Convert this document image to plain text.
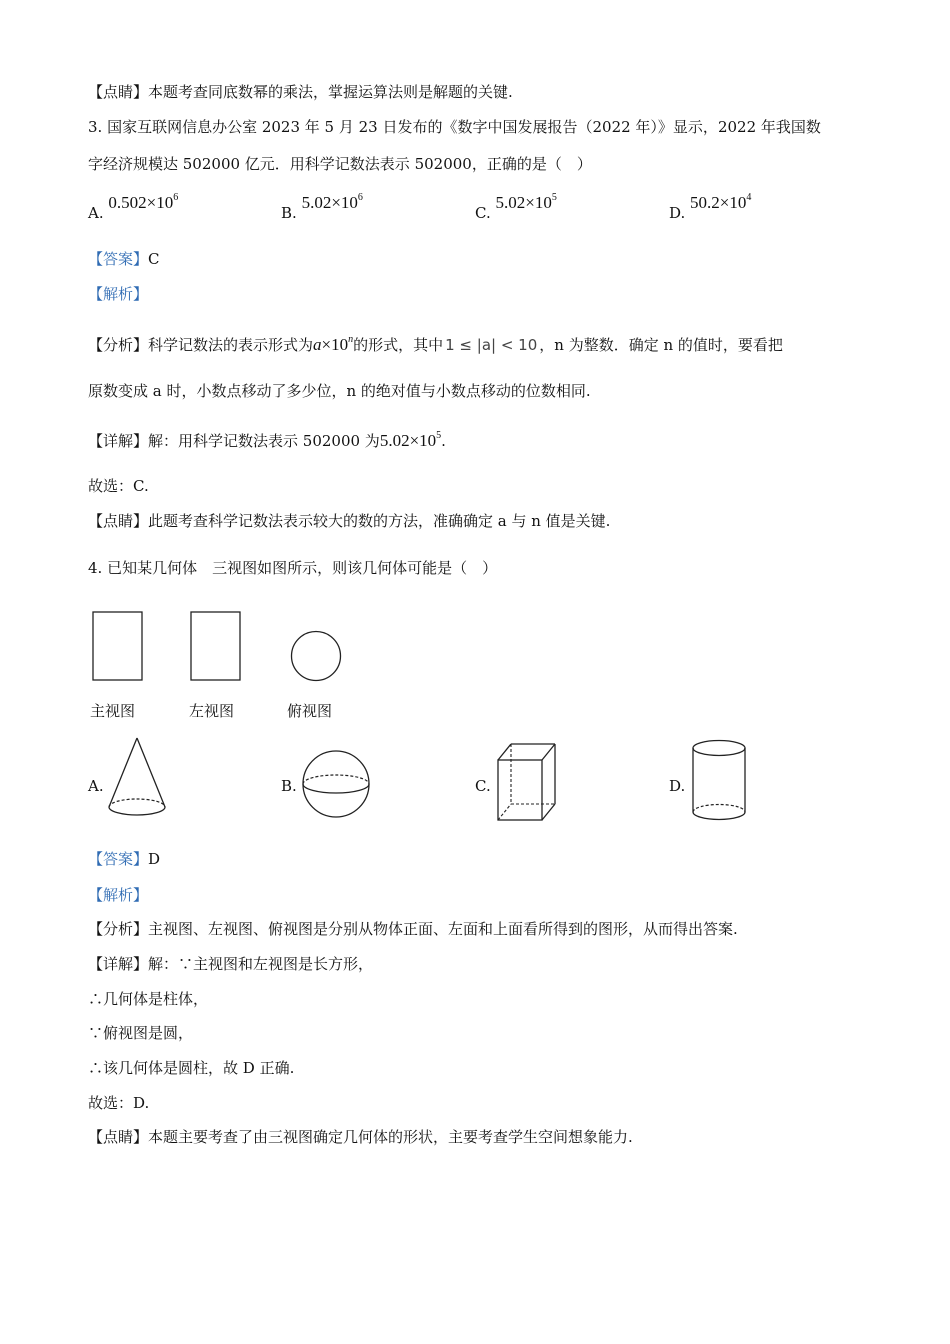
【点睛】本题考查同底数幂的乘法，掌握运算法则是解题的关键.
3. 国家互联网信息办公室 2023 年 5 月 23 日发布的《数字中国发展报告（2022 年）》显示，2022 年我国数
字经济规模达 502000 亿元．用科学记数法表示 502000，正确的是（　）
A. $0.502\times 10^6$
B. $5.02\times 10^6$
C. $5.02\times 10^5$
D. $50.2\times 10^4$
【答案】C
【解析】
【分析】科学记数法的表示形式为$a\times 10^n$的形式，其中 1 ≤ |a| < 10 ，n 为整数．确定 n 的值时，要看把
原数变成 a 时，小数点移动了多少位，n 的绝对值与小数点移动的位数相同.
【详解】解：用科学记数法表示 502000 为$5.02\times 10^5$.
故选：C.
【点睛】此题考查科学记数法表示较大的数的方法，准确确定 a 与 n 值是关键.
4. 已知某几何体　三视图如图所示，则该几何体可能是（　）
主视图	左视图	俯视图
A.	B.	C.	D.
【答案】D
【解析】
【分析】主视图、左视图、俯视图是分别从物体正面、左面和上面看所得到的图形，从而得出答案.
【详解】解：∵主视图和左视图是长方形，
∴几何体是柱体，
∵俯视图是圆，
∴该几何体是圆柱，故 D 正确.
故选：D.
【点睛】本题主要考查了由三视图确定几何体的形状，主要考查学生空间想象能力.
